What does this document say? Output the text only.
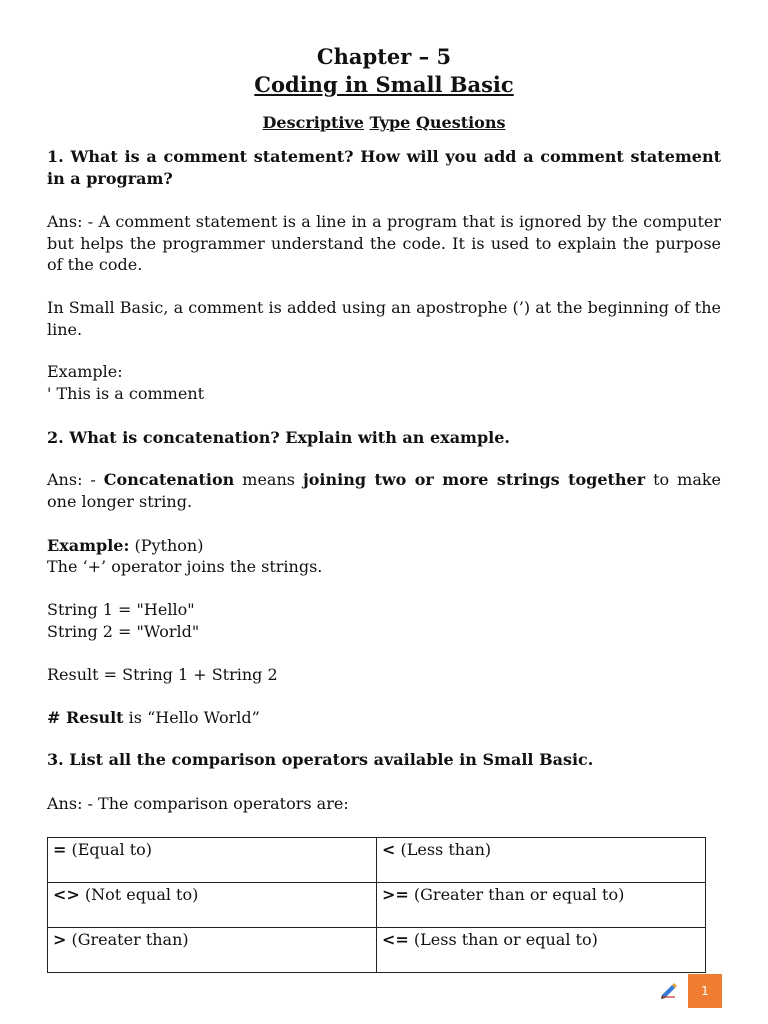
Chapter – 5
Coding in Small Basic
Descriptive Type Questions

1. What is a comment statement? How will you add a comment statement in a program?

Ans: - A comment statement is a line in a program that is ignored by the computer but helps the programmer understand the code. It is used to explain the purpose of the code.

In Small Basic, a comment is added using an apostrophe (’) at the beginning of the line.

Example:

' This is a comment

2. What is concatenation? Explain with an example.

Ans: - Concatenation means joining two or more strings together to make one longer string.

Example: (Python)

The ‘+’ operator joins the strings.

String 1 = "Hello"

String 2 = "World"

Result = String 1 + String 2

# Result is “Hello World”

3. List all the comparison operators available in Small Basic.

Ans: - The comparison operators are:

= (Equal to)	< (Less than)
<> (Not equal to)	>= (Greater than or equal to)
> (Greater than)	<= (Less than or equal to)
1
